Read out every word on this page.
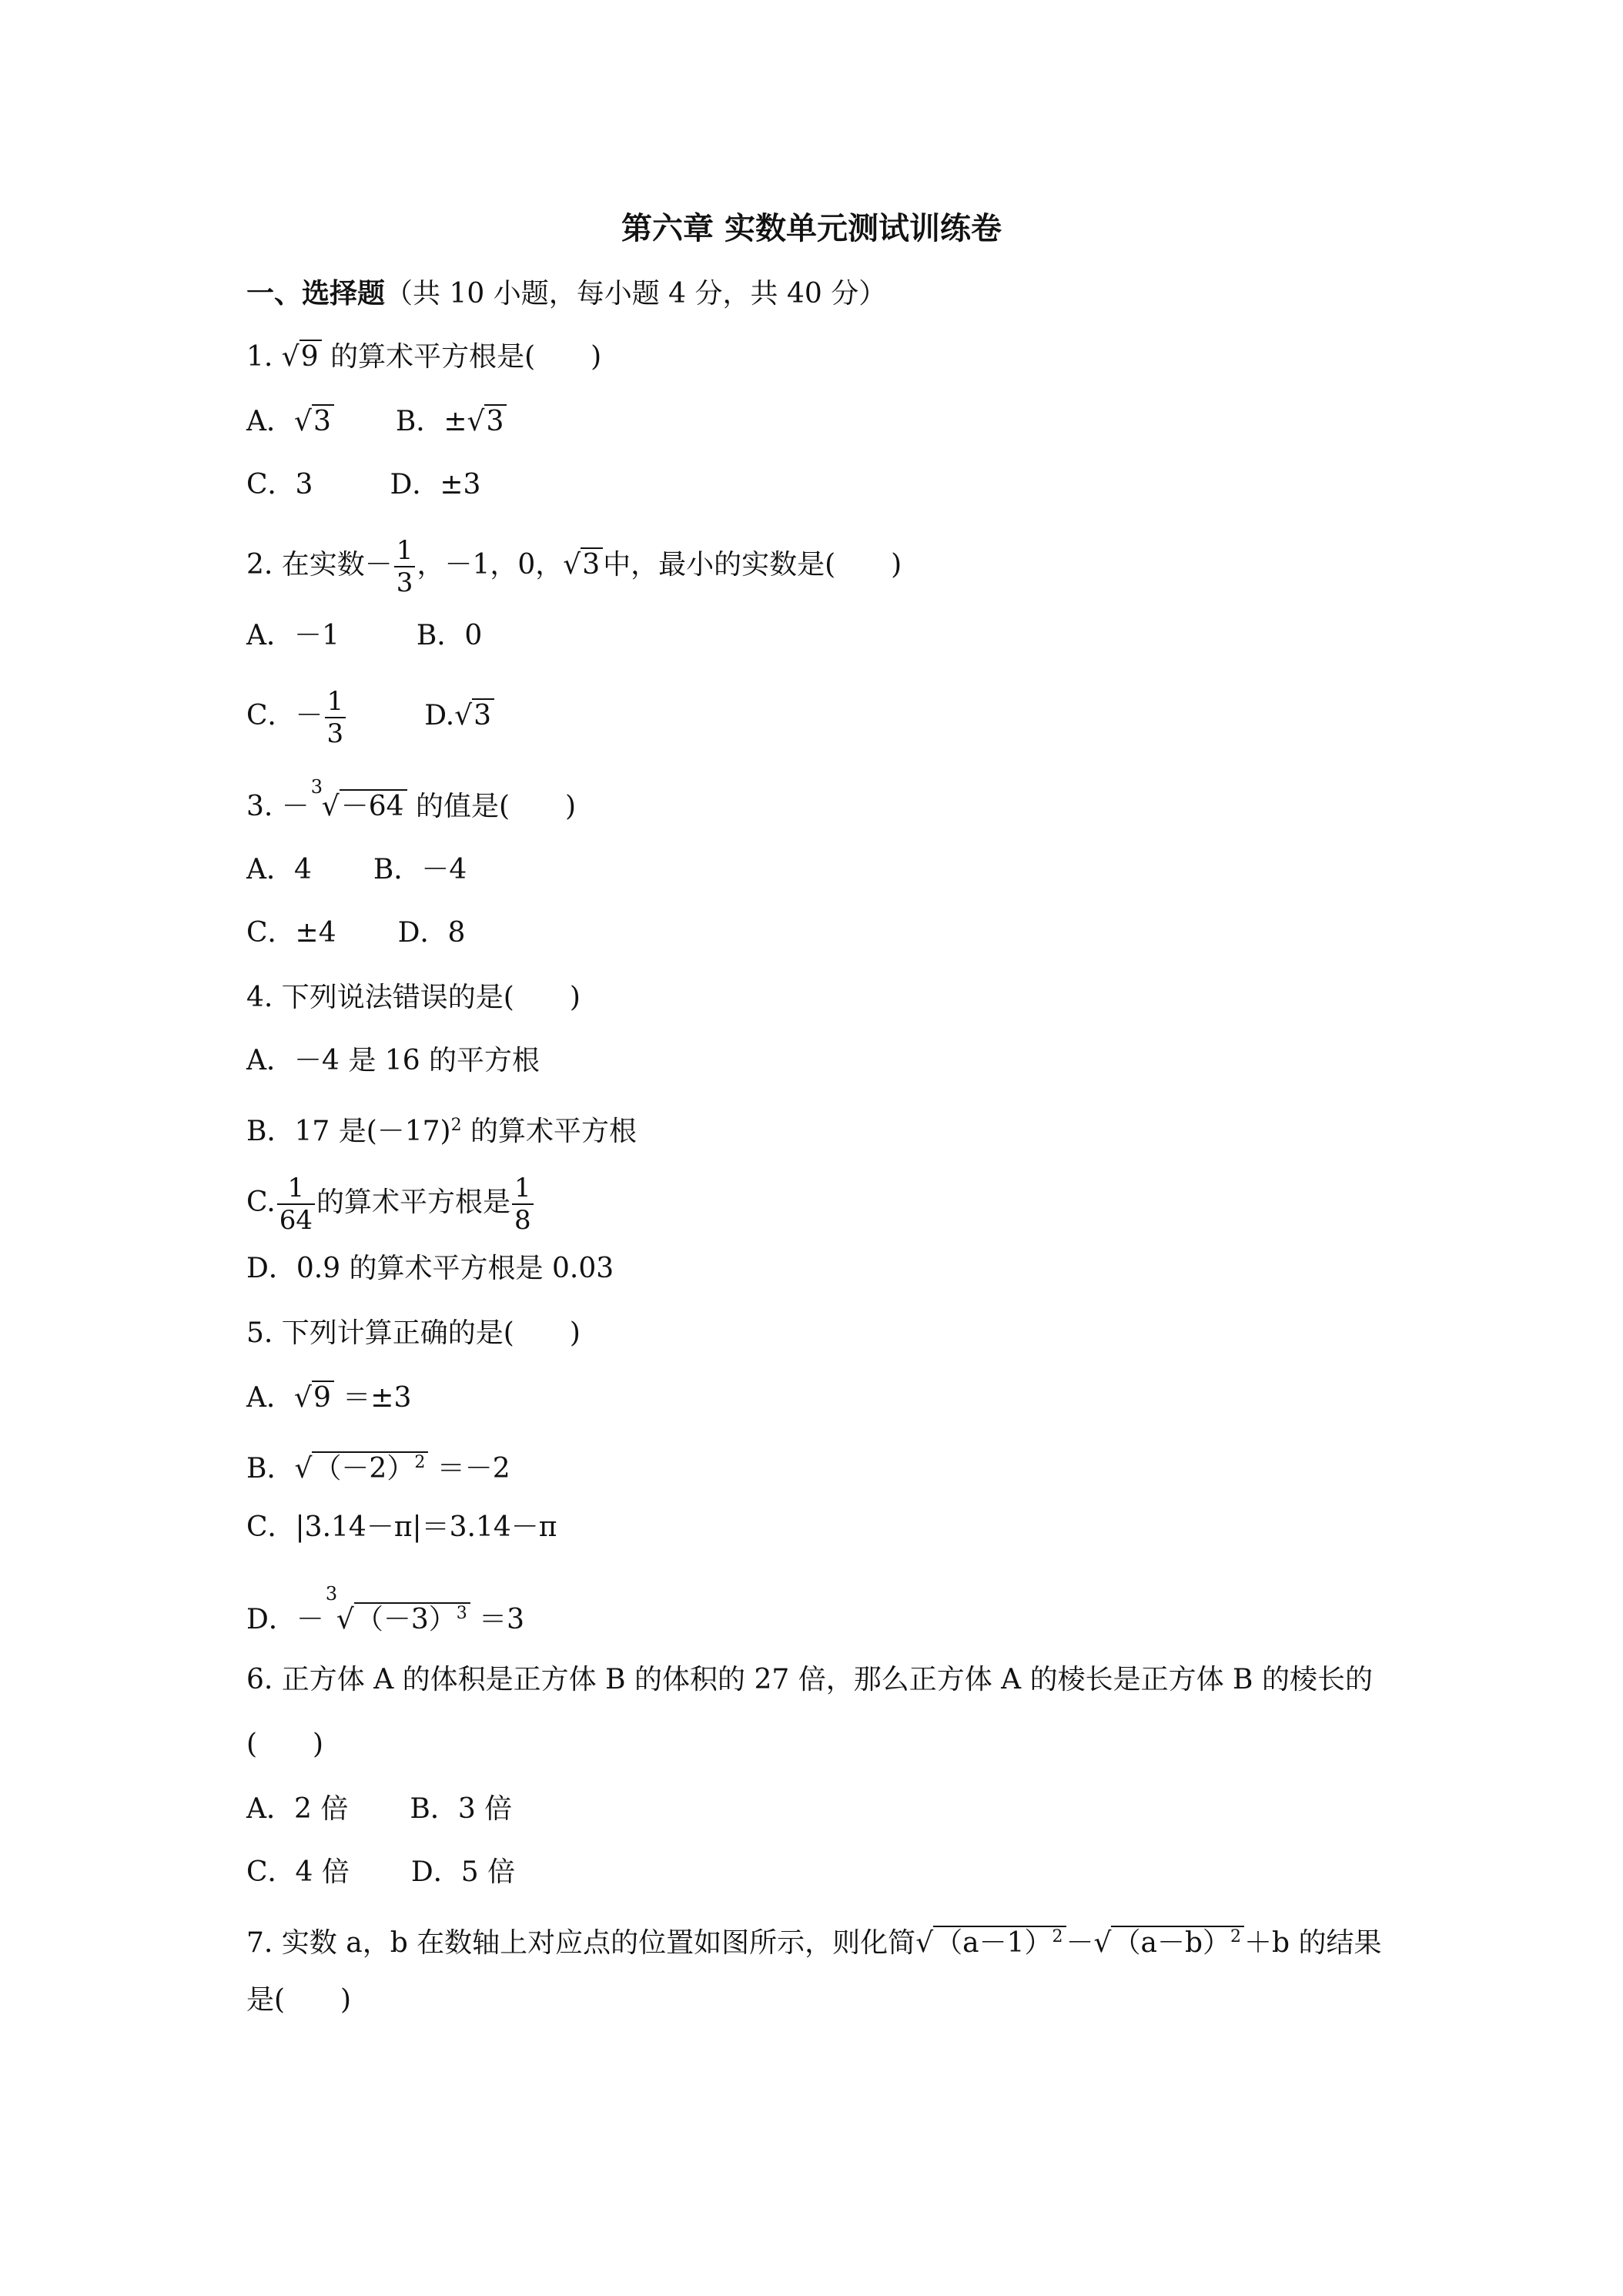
第六章 实数单元测试训练卷
一、选择题（共 10 小题，每小题 4 分，共 40 分）
1. √9 的算术平方根是(　　)
A．√3 B．±√3
C．3	D．±3
2. 在实数－ $\frac{1}{3}$ ，－1，0，√3 中，最小的实数是(　　)
A．－1	B．0
C．－ $\frac{1}{3}$	D.√3
3. －
3
√－64 的值是(　　)
A．4 B．－4
C．±4 D．8
4. 下列说法错误的是(　　)
A．－4 是 16 的平方根
B．17 是$(-17)^2$ 的算术平方根
C. $\frac{1}{64}$ 的算术平方根是 $\frac{1}{8}$
D．0.9 的算术平方根是 0.03
5. 下列计算正确的是(　　)
A．√9 ＝±3
B．$√(-2)^2 =-2$
C．|3.14－π|＝3.14－π
D．－
3
$√(-3)^3 =3$
6. 正方体 A 的体积是正方体 B 的体积的 27 倍，那么正方体 A 的棱长是正方体 B 的棱长的
(　　)
A．2 倍 B．3 倍
C．4 倍 D．5 倍
7. 实数 a，b 在数轴上对应点的位置如图所示，则化简$√(a-1)^2 -√(a-b)^2 +b$ 的结果
是(　　)
